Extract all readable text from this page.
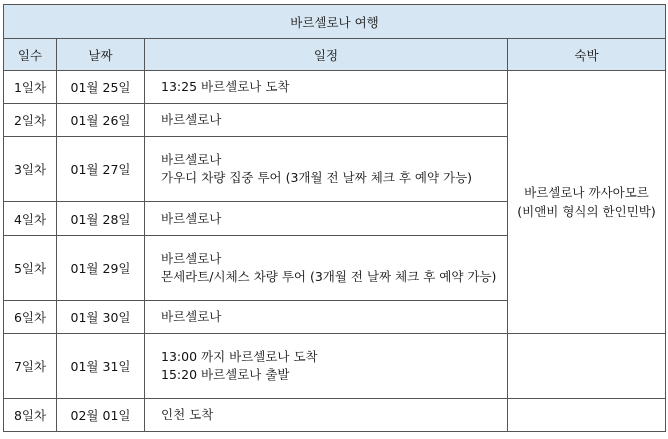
바르셀로나 여행			
일수	날짜	일정	숙박
1일차	01월 25일	13:25 바르셀로나 도착	바르셀로나 까사아모르
(비앤비 형식의 한인민박)

2일차	01월 26일	바르셀로나	

3일차	01월 27일	바르셀로나
가우디 차량 집중 투어 (3개월 전 날짜 체크 후 예약 가능)	

4일차	01월 28일	바르셀로나	

5일차	01월 29일	바르셀로나
몬세라트/시체스 차량 투어 (3개월 전 날짜 체크 후 예약 가능)	

6일차	01월 30일	바르셀로나	

7일차	01월 31일	13:00 까지 바르셀로나 도착
15:20 바르셀로나 출발	

8일차	02월 01일	인천 도착	
